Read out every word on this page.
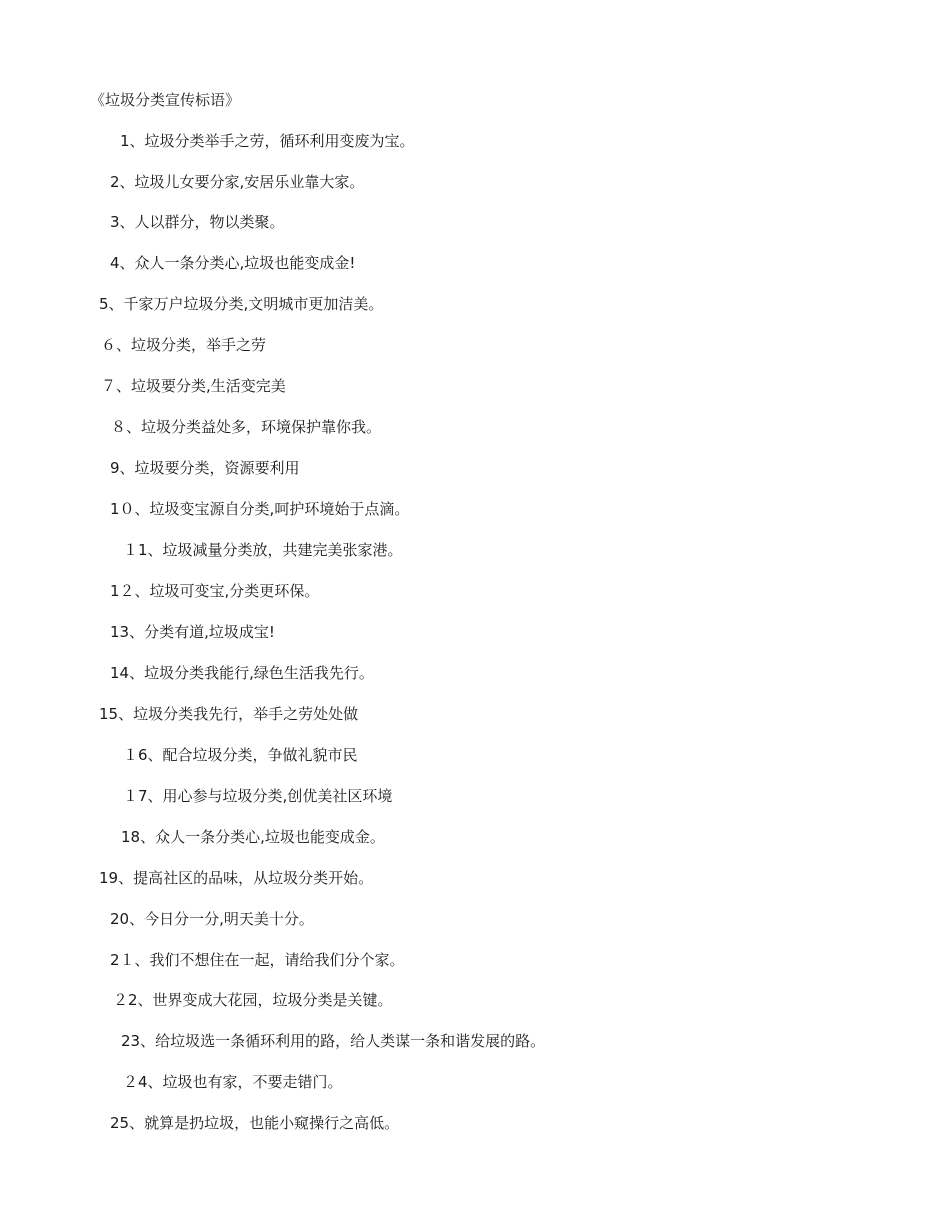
《垃圾分类宣传标语》
1、垃圾分类举手之劳，循环利用变废为宝。
2、垃圾儿女要分家,安居乐业靠大家。
3、人以群分，物以类聚。
4、众人一条分类心,垃圾也能变成金!
5、千家万户垃圾分类,文明城市更加洁美。
６、垃圾分类，举手之劳
７、垃圾要分类,生活变完美
８、垃圾分类益处多，环境保护靠你我。
9、垃圾要分类，资源要利用
1０、垃圾变宝源自分类,呵护环境始于点滴。
１1、垃圾减量分类放，共建完美张家港。
1２、垃圾可变宝,分类更环保。
13、分类有道,垃圾成宝!
14、垃圾分类我能行,绿色生活我先行。
15、垃圾分类我先行，举手之劳处处做
１6、配合垃圾分类，争做礼貌市民
１7、用心参与垃圾分类,创优美社区环境
18、众人一条分类心,垃圾也能变成金。
19、提高社区的品味，从垃圾分类开始。
20、今日分一分,明天美十分。
2１、我们不想住在一起，请给我们分个家。
２2、世界变成大花园，垃圾分类是关键。
23、给垃圾选一条循环利用的路，给人类谋一条和谐发展的路。
２4、垃圾也有家，不要走错门。
25、就算是扔垃圾，也能小窥操行之高低。
